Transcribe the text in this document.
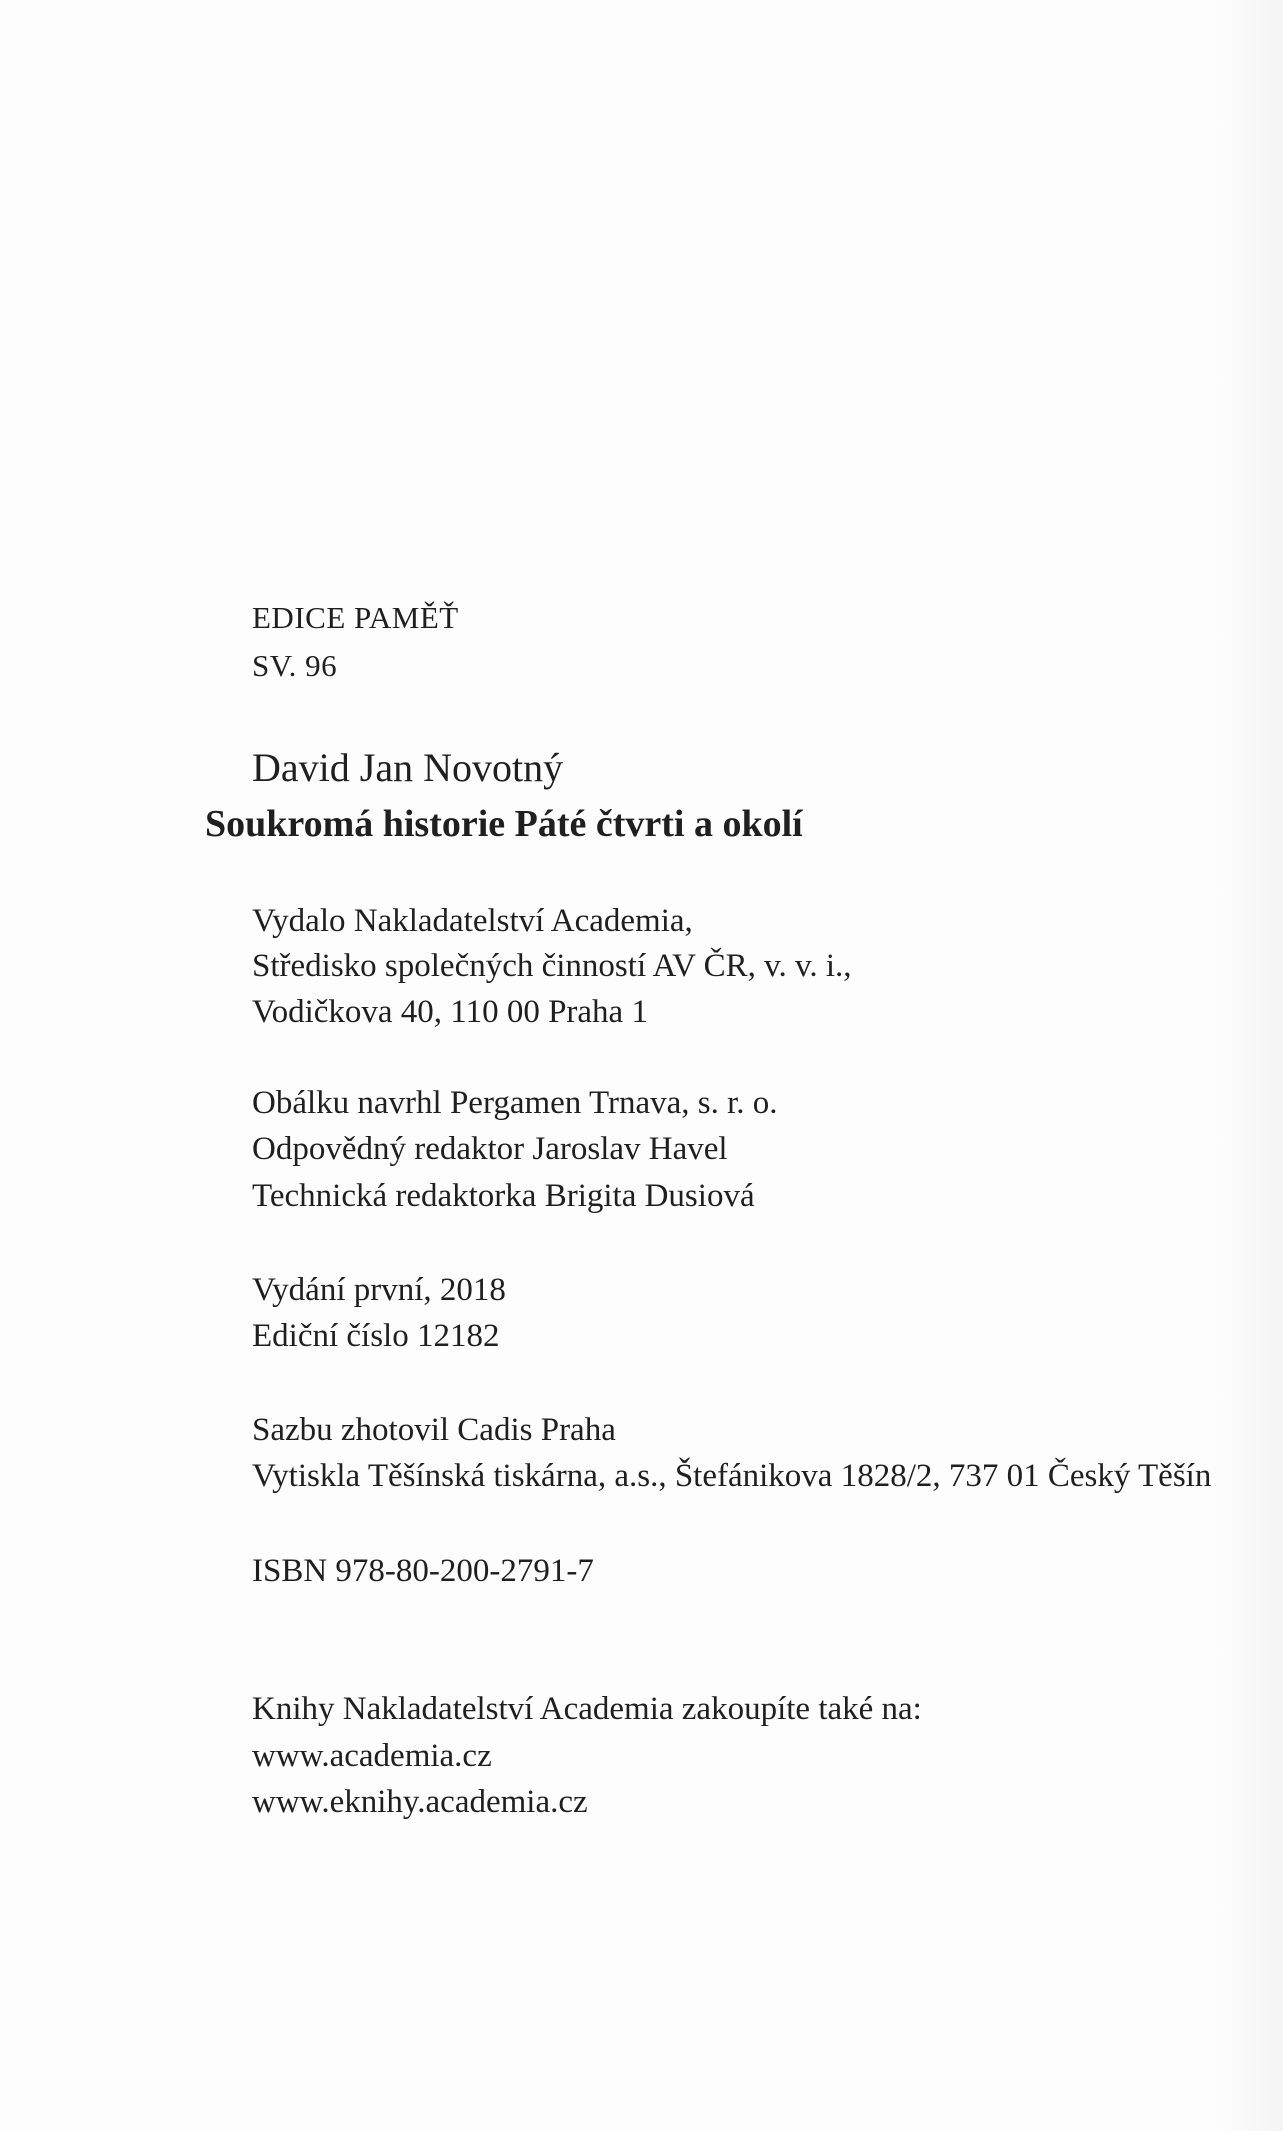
EDICE PAMĚŤ

SV. 96

David Jan Novotný

Soukromá historie Páté čtvrti a okolí

Vydalo Nakladatelství Academia,

Středisko společných činností AV ČR, v. v. i.,

Vodičkova 40, 110 00 Praha 1

Obálku navrhl Pergamen Trnava, s. r. o.

Odpovědný redaktor Jaroslav Havel

Technická redaktorka Brigita Dusiová

Vydání první, 2018

Ediční číslo 12182

Sazbu zhotovil Cadis Praha

Vytiskla Těšínská tiskárna, a.s., Štefánikova 1828/2, 737 01 Český Těšín

ISBN 978-80-200-2791-7

Knihy Nakladatelství Academia zakoupíte také na:

www.academia.cz

www.eknihy.academia.cz
